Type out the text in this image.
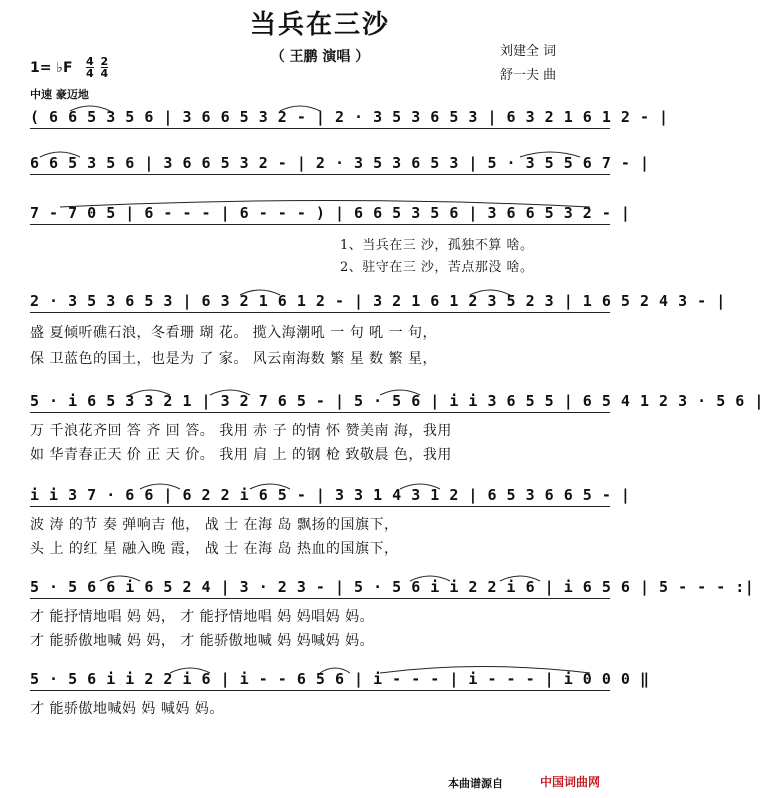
当兵在三沙
（ 王鹏 演唱 ）	刘建全 词
舒一夫 曲
1= ♭F $\frac{4}{4}$
$\frac{2}{4}$
中速 豪迈地
( 6 6 5 3 5 6 | 3 6 6 5 3 2 - | 2 · 3 5 3 6 5 3 | 6 3 2 1 6 1 2 - |
6 6 5 3 5 6 | 3 6 6 5 3 2 - | 2 · 3 5 3 6 5 3 | 5 · 3 5 5 6 7 - |
7 - 7 0 5 | 6 - - - | 6 - - - ) | 6 6 5 3 5 6 | 3 6 6 5 3 2 - |
1、当兵在三 沙，孤独不算 啥。
2、驻守在三 沙，苦点那没 啥。
2 · 3 5 3 6 5 3 | 6 3 2 1 6 1 2 - | 3 2 1 6 1 2 3 5 2 3 | 1 6 5 2 4 3 - |
盛 夏倾听礁石浪，冬看珊 瑚 花。 揽入海潮吼 一 句 吼 一 句，
保 卫蓝色的国土，也是为 了 家。 风云南海数 繁 星 数 繁 星，
5 · i 6 5 3 3 2 1 | 3 2 7 6 5 - | 5 · 5 6 | i i 3 6 5 5 | 6 5 4 1 2 3 · 5 6 |
万 千浪花齐回 答 齐 回 答。 我用 赤 子 的情 怀 赞美南 海，我用
如 华青春正天 价 正 天 价。 我用 肩 上 的钢 枪 致敬晨 色，我用
i i 3 7 · 6 6 | 6 2 2 i 6 5 - | 3 3 1 4 3 1 2 | 6 5 3 6 6 5 - |
波 涛 的节 奏 弹响吉 他， 战 士 在海 岛 飘扬的国旗下，
头 上 的红 星 融入晚 霞， 战 士 在海 岛 热血的国旗下，
5 · 5 6 6 i 6 5 2 4 | 3 · 2 3 - | 5 · 5 6 i i 2 2 i 6 | i 6 5 6 | 5 - - - :|
才 能抒情地唱 妈 妈， 才 能抒情地唱 妈 妈唱妈 妈。
才 能骄傲地喊 妈 妈， 才 能骄傲地喊 妈 妈喊妈 妈。
5 · 5 6 i i 2 2 i 6 | i - - 6 5 6 | i - - - | i - - - | i 0 0 0 ‖
才 能骄傲地喊妈 妈 喊妈 妈。
本曲谱源自	中国词曲网
